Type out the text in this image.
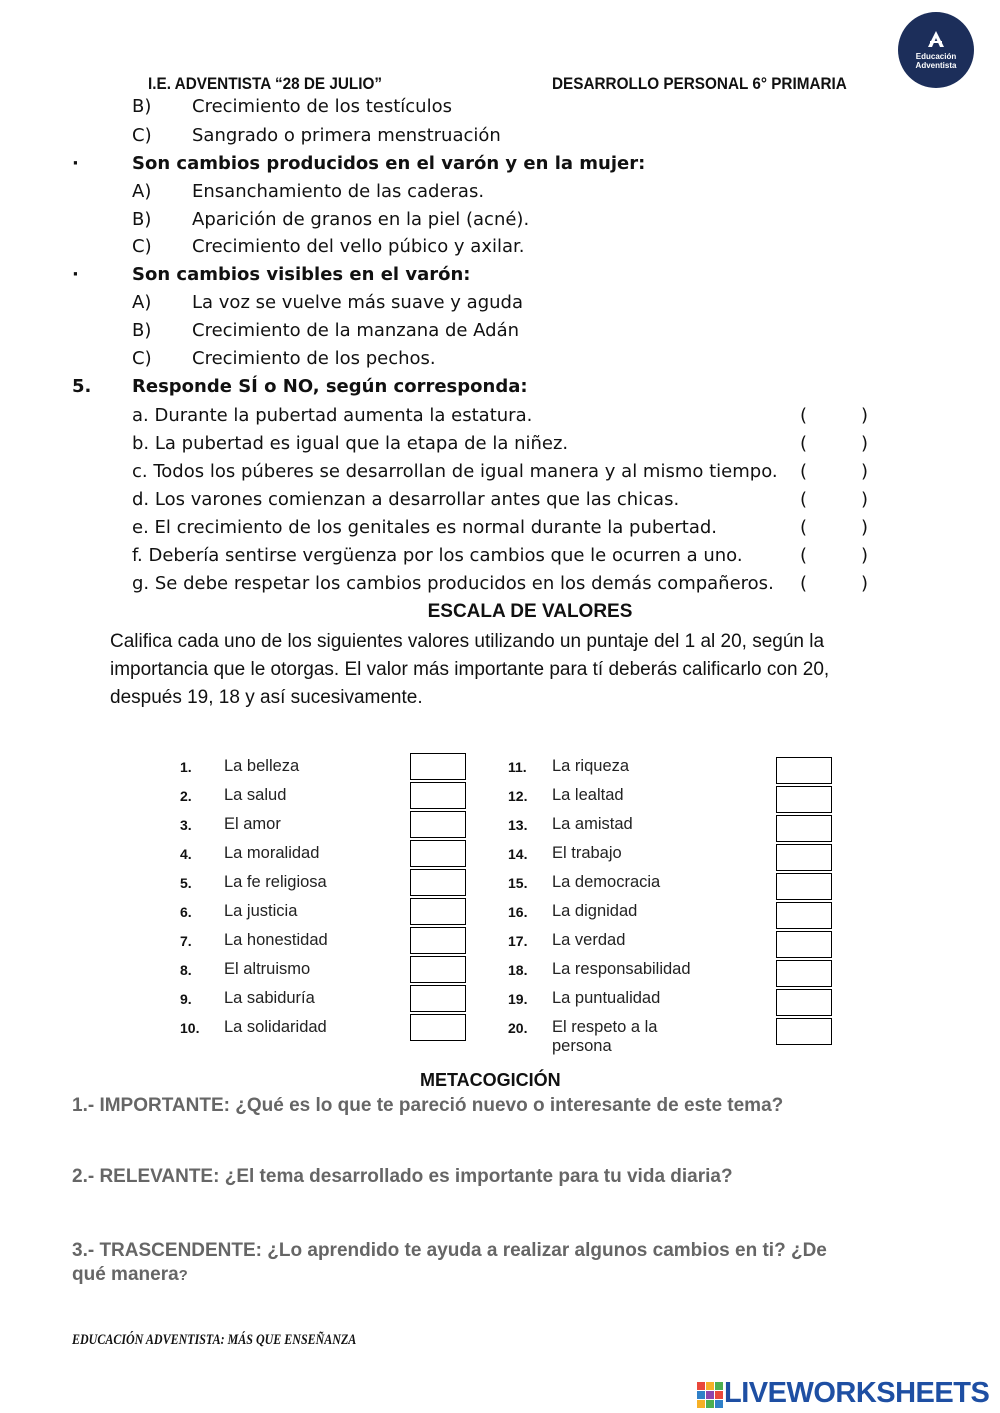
I.E. ADVENTISTA “28 DE JULIO”	DESARROLLO PERSONAL 6° PRIMARIA
Educación
Adventista
B) Crecimiento de los testículos
C) Sangrado o primera menstruación
·	Son cambios producidos en el varón y en la mujer:
A) Ensanchamiento de las caderas.
B) Aparición de granos en la piel (acné).
C) Crecimiento del vello púbico y axilar.
·	Son cambios visibles en el varón:
A) La voz se vuelve más suave y aguda
B) Crecimiento de la manzana de Adán
C) Crecimiento de los pechos.
5. Responde SÍ o NO, según corresponda:
a. Durante la pubertad aumenta la estatura.	(	)
b. La pubertad es igual que la etapa de la niñez.	(	)
c. Todos los púberes se desarrollan de igual manera y al mismo tiempo. (	)
d. Los varones comienzan a desarrollar antes que las chicas.	(	)
e. El crecimiento de los genitales es normal durante la pubertad.	(	)
f. Debería sentirse vergüenza por los cambios que le ocurren a uno.	(	)
g. Se debe respetar los cambios producidos en los demás compañeros. (	)
ESCALA DE VALORES
Califica cada uno de los siguientes valores utilizando un puntaje del 1 al 20, según la
importancia que le otorgas. El valor más importante para tí deberás calificarlo con 20,
después 19, 18 y así sucesivamente.
1. La belleza
2. La salud
3. El amor
4. La moralidad
5. La fe religiosa
6. La justicia
7. La honestidad
8. El altruismo
9. La sabiduría
10. La solidaridad
11. La riqueza
12. La lealtad
13. La amistad
14. El trabajo
15. La democracia
16. La dignidad
17. La verdad
18. La responsabilidad
19. La puntualidad
20. El respeto a la
persona
METACOGICIÓN
1.- IMPORTANTE: ¿Qué es lo que te pareció nuevo o interesante de este tema?
2.- RELEVANTE: ¿El tema desarrollado es importante para tu vida diaria?
3.- TRASCENDENTE: ¿Lo aprendido te ayuda a realizar algunos cambios en ti? ¿De
qué manera?
EDUCACIÓN ADVENTISTA: MÁS QUE ENSEÑANZA
LIVEWORKSHEETS
